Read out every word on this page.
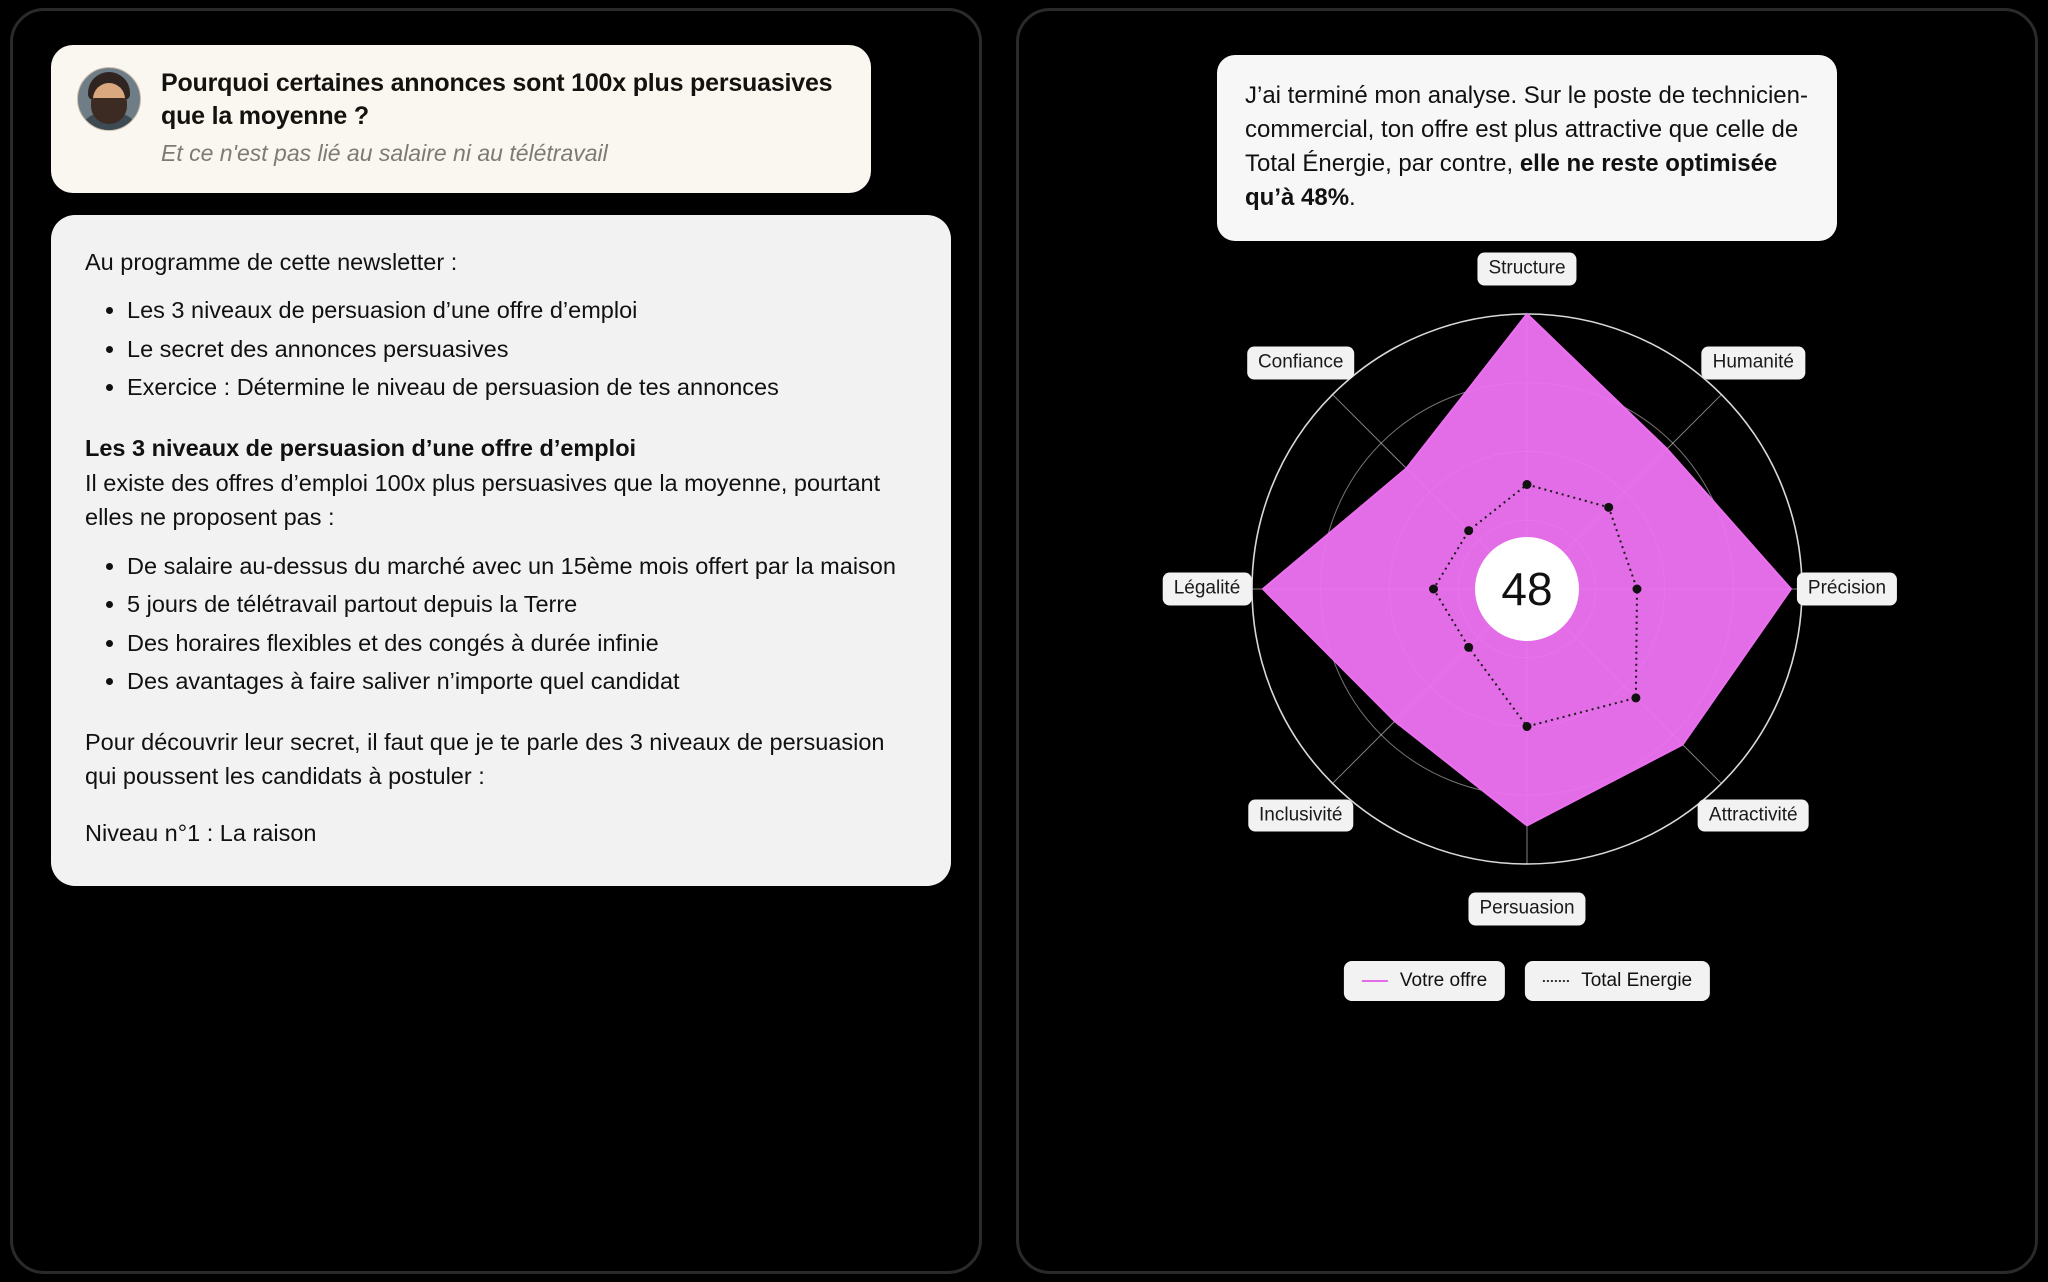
Pourquoi certaines annonces sont 100x plus persuasives que la moyenne ?
Et ce n'est pas lié au salaire ni au télétravail

Au programme de cette newsletter :

• Les 3 niveaux de persuasion d’une offre d’emploi
• Le secret des annonces persuasives
• Exercice : Détermine le niveau de persuasion de tes annonces

Les 3 niveaux de persuasion d’une offre d’emploi

Il existe des offres d’emploi 100x plus persuasives que la moyenne, pourtant elles ne proposent pas :

• De salaire au-dessus du marché avec un 15ème mois offert par la maison
• 5 jours de télétravail partout depuis la Terre
• Des horaires flexibles et des congés à durée infinie
• Des avantages à faire saliver n’importe quel candidat

Pour découvrir leur secret, il faut que je te parle des 3 niveaux de persuasion qui poussent les candidats à postuler :

Niveau n°1 : La raison

J’ai terminé mon analyse. Sur le poste de technicien-commercial, ton offre est plus attractive que celle de Total Énergie, par contre, elle ne reste optimisée qu’à 48%.
48
Structure
Humanité
Précision
Attractivité
Persuasion
Inclusivité
Légalité
Confiance
Votre offre	Total Energie
